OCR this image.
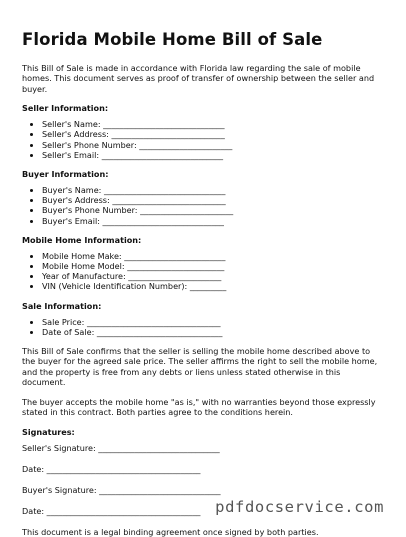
Florida Mobile Home Bill of Sale

This Bill of Sale is made in accordance with Florida law regarding the sale of mobile homes. This document serves as proof of transfer of ownership between the seller and buyer.

Seller Information:
• Seller's Name: ______________________________
• Seller's Address: ____________________________
• Seller's Phone Number: _______________________
• Seller's Email: ______________________________
Buyer Information:
• Buyer's Name: ______________________________
• Buyer's Address: ____________________________
• Buyer's Phone Number: _______________________
• Buyer's Email: ______________________________
Mobile Home Information:
• Mobile Home Make: _________________________
• Mobile Home Model: ________________________
• Year of Manufacture: _______________________
• VIN (Vehicle Identification Number): _________
Sale Information:
• Sale Price: _________________________________
• Date of Sale: _______________________________

This Bill of Sale confirms that the seller is selling the mobile home described above to the buyer for the agreed sale price. The seller affirms the right to sell the mobile home, and the property is free from any debts or liens unless stated otherwise in this document.

The buyer accepts the mobile home "as is," with no warranties beyond those expressly stated in this contract. Both parties agree to the conditions herein.

Signatures:
Seller's Signature: ______________________________
Date: ______________________________________
Buyer's Signature: ______________________________
Date: ______________________________________

This document is a legal binding agreement once signed by both parties.

pdfdocservice.com
